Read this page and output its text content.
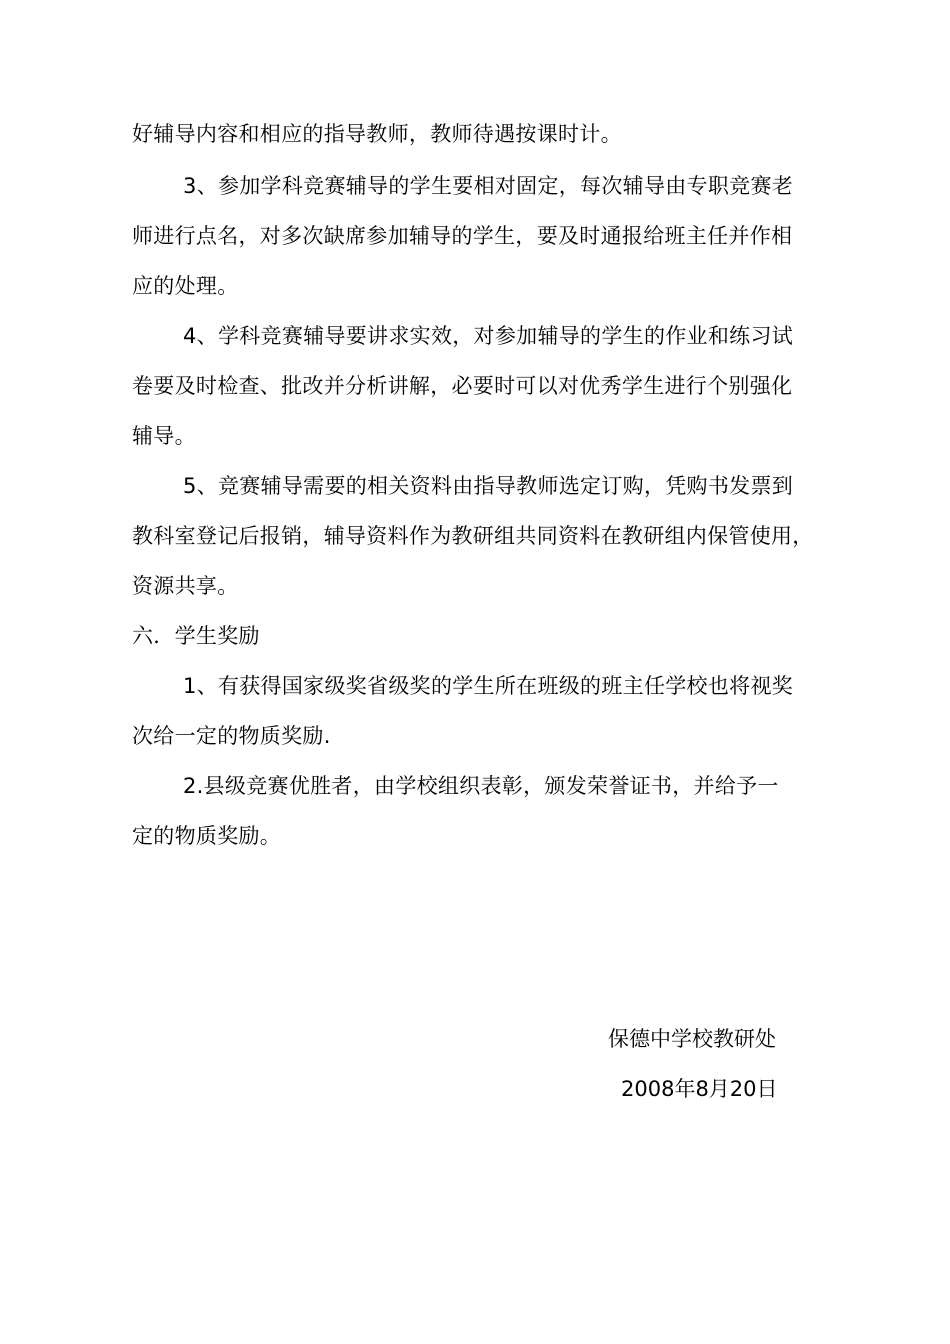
好辅导内容和相应的指导教师，教师待遇按课时计。
3、参加学科竞赛辅导的学生要相对固定，每次辅导由专职竞赛老
师进行点名，对多次缺席参加辅导的学生，要及时通报给班主任并作相
应的处理。
4、学科竞赛辅导要讲求实效，对参加辅导的学生的作业和练习试
卷要及时检查、批改并分析讲解，必要时可以对优秀学生进行个别强化
辅导。
5、竞赛辅导需要的相关资料由指导教师选定订购，凭购书发票到
教科室登记后报销，辅导资料作为教研组共同资料在教研组内保管使用，
资源共享。
六．学生奖励
1、有获得国家级奖省级奖的学生所在班级的班主任学校也将视奖
次给一定的物质奖励.
2.县级竞赛优胜者，由学校组织表彰，颁发荣誉证书，并给予一
定的物质奖励。
保德中学校教研处
2008年8月20日
